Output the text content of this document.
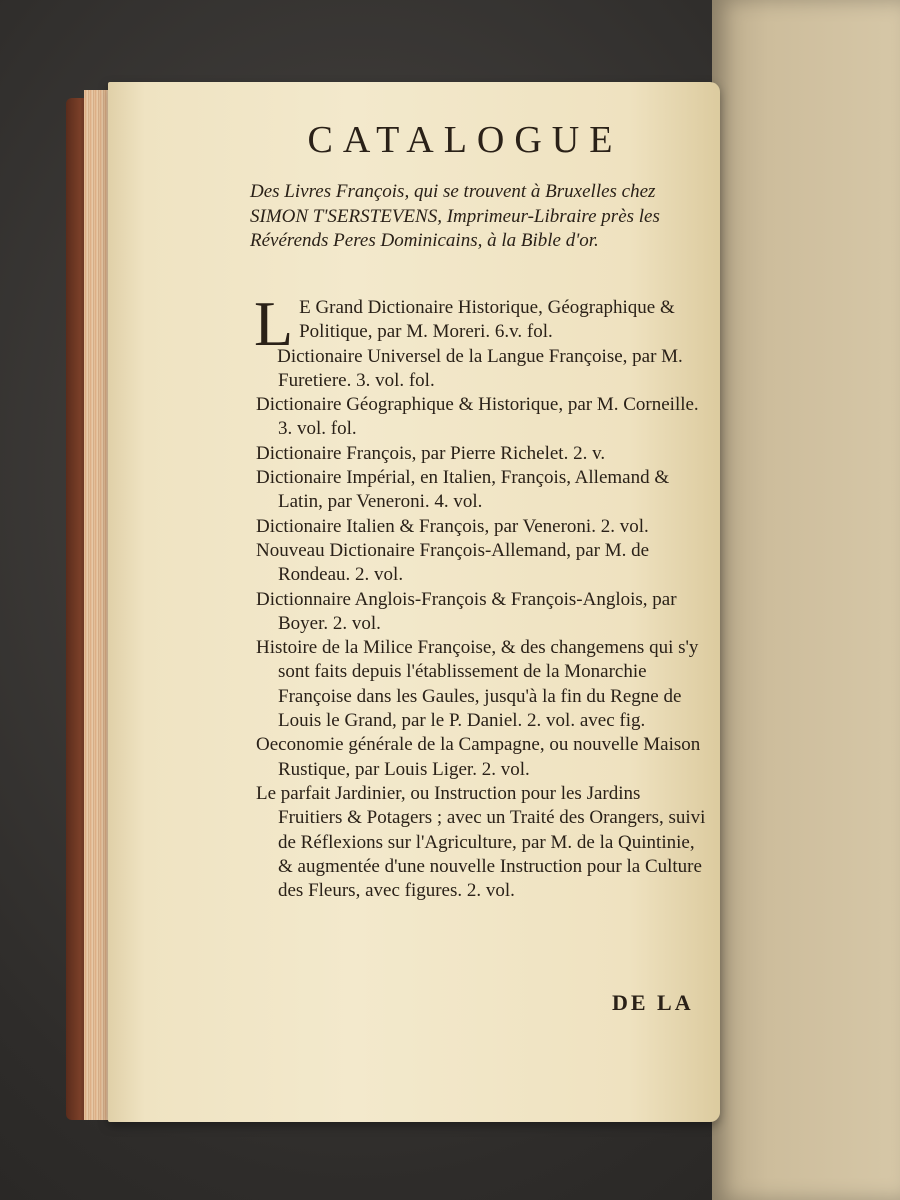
CATALOGUE
Des Livres François, qui se trouvent à Bruxelles chez SIMON T'SERSTEVENS, Imprimeur-Libraire près les Révérends Peres Dominicains, à la Bible d'or.

L E Grand Dictionaire Historique, Géographique & Politique, par M. Moreri. 6.v. fol.

Dictionaire Universel de la Langue Françoise, par M. Furetiere. 3. vol. fol.

Dictionaire Géographique & Historique, par M. Corneille. 3. vol. fol.

Dictionaire François, par Pierre Richelet. 2. v.

Dictionaire Impérial, en Italien, François, Allemand & Latin, par Veneroni. 4. vol.

Dictionaire Italien & François, par Veneroni. 2. vol.

Nouveau Dictionaire François-Allemand, par M. de Rondeau. 2. vol.

Dictionnaire Anglois-François & François-Anglois, par Boyer. 2. vol.

Histoire de la Milice Françoise, & des changemens qui s'y sont faits depuis l'établissement de la Monarchie Françoise dans les Gaules, jusqu'à la fin du Regne de Louis le Grand, par le P. Daniel. 2. vol. avec fig.

Oeconomie générale de la Campagne, ou nouvelle Maison Rustique, par Louis Liger. 2. vol.

Le parfait Jardinier, ou Instruction pour les Jardins Fruitiers & Potagers ; avec un Traité des Orangers, suivi de Réflexions sur l'Agriculture, par M. de la Quintinie, & augmentée d'une nouvelle Instruction pour la Culture des Fleurs, avec figures. 2. vol.

DE LA
